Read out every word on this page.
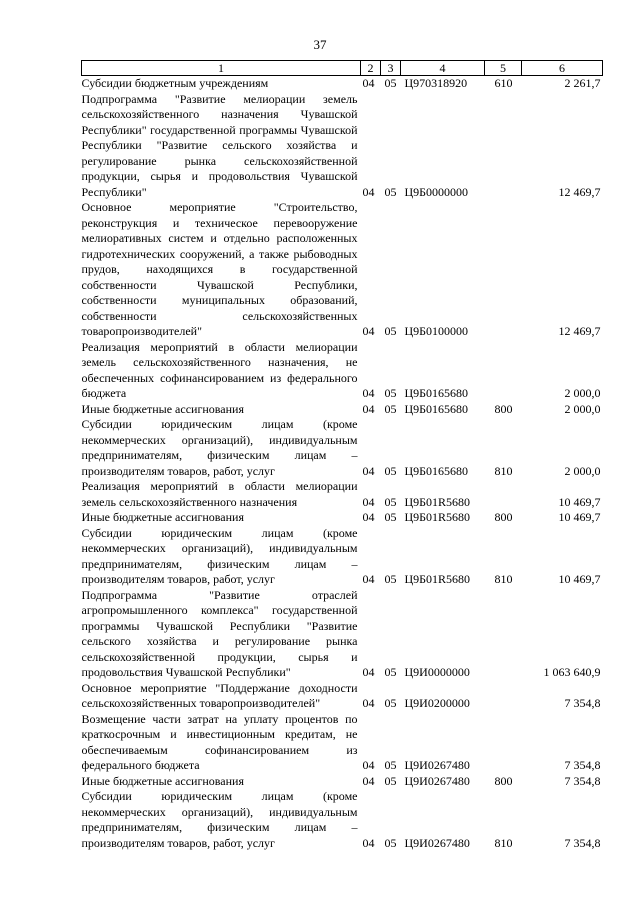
37
1	2	3	4	5	6
Субсидии бюджетным учреждениям	04	05	Ц970318920	610	2 261,7
Подпрограмма "Развитие мелиорации земель сельскохозяйственного назначения Чувашской Республики" государственной программы Чувашской Республики "Развитие сельского хозяйства и регулирование рынка сельскохозяйственной продукции, сырья и продовольствия Чувашской Республики"	04	05	Ц9Б0000000		12 469,7
Основное мероприятие "Строительство, реконструкция и техническое перевооружение мелиоративных систем и отдельно расположенных гидротехнических сооружений, а также рыбоводных прудов, находящихся в государственной собственности Чувашской Республики, собственности муниципальных образований, собственности сельскохозяйственных товаропроизводителей"	04	05	Ц9Б0100000		12 469,7
Реализация мероприятий в области мелиорации земель сельскохозяйственного назначения, не обеспеченных софинансированием из федерального бюджета	04	05	Ц9Б0165680		2 000,0
Иные бюджетные ассигнования	04	05	Ц9Б0165680	800	2 000,0
Субсидии юридическим лицам (кроме некоммерческих организаций), индивидуальным предпринимателям, физическим лицам – производителям товаров, работ, услуг	04	05	Ц9Б0165680	810	2 000,0
Реализация мероприятий в области мелиорации земель сельскохозяйственного назначения	04	05	Ц9Б01R5680		10 469,7
Иные бюджетные ассигнования	04	05	Ц9Б01R5680	800	10 469,7
Субсидии юридическим лицам (кроме некоммерческих организаций), индивидуальным предпринимателям, физическим лицам – производителям товаров, работ, услуг	04	05	Ц9Б01R5680	810	10 469,7
Подпрограмма "Развитие отраслей агропромышленного комплекса" государственной программы Чувашской Республики "Развитие сельского хозяйства и регулирование рынка сельскохозяйственной продукции, сырья и продовольствия Чувашской Республики"	04	05	Ц9И0000000		1 063 640,9
Основное мероприятие "Поддержание доходности сельскохозяйственных товаропроизводителей"	04	05	Ц9И0200000		7 354,8
Возмещение части затрат на уплату процентов по краткосрочным и инвестиционным кредитам, не обеспечиваемым софинансированием из федерального бюджета	04	05	Ц9И0267480		7 354,8
Иные бюджетные ассигнования	04	05	Ц9И0267480	800	7 354,8
Субсидии юридическим лицам (кроме некоммерческих организаций), индивидуальным предпринимателям, физическим лицам – производителям товаров, работ, услуг	04	05	Ц9И0267480	810	7 354,8
